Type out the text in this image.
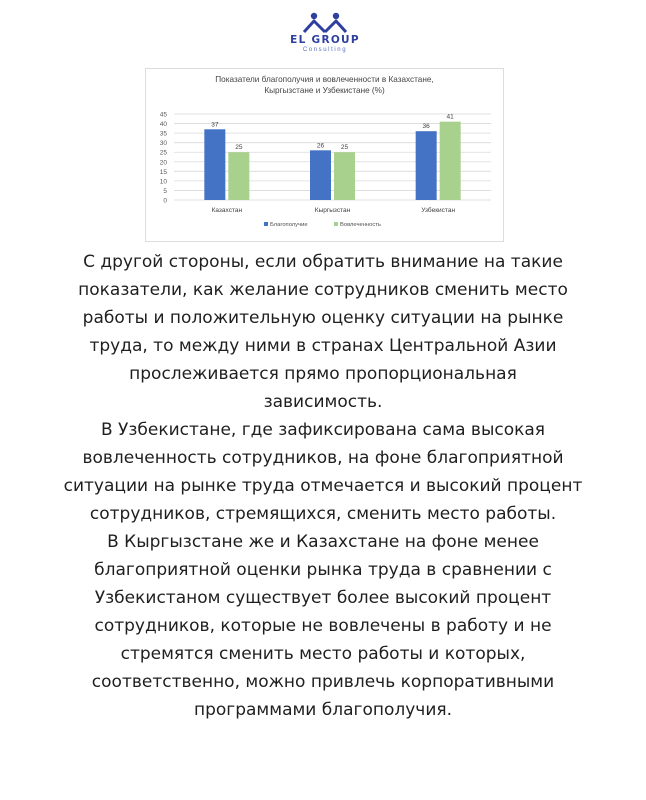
EL GROUP
Consulting
Показатели благополучия и вовлеченности в Казахстане,
Кыргызстане и Узбекистане (%)
0
5
10
15
20
25
30
35
40
45
37
25
Казахстан
26	25
Кыргызстан
36
41
Узбекистан
Благополучие	Вовлеченность

С другой стороны, если обратить внимание на такие
показатели, как желание сотрудников сменить место
работы и положительную оценку ситуации на рынке
труда, то между ними в странах Центральной Азии
прослеживается прямо пропорциональная
зависимость.

В Узбекистане, где зафиксирована сама высокая
вовлеченность сотрудников, на фоне благоприятной
ситуации на рынке труда отмечается и высокий процент
сотрудников, стремящихся, сменить место работы.

В Кыргызстане же и Казахстане на фоне менее
благоприятной оценки рынка труда в сравнении с
Узбекистаном существует более высокий процент
сотрудников, которые не вовлечены в работу и не
стремятся сменить место работы и которых,
соответственно, можно привлечь корпоративными
программами благополучия.
